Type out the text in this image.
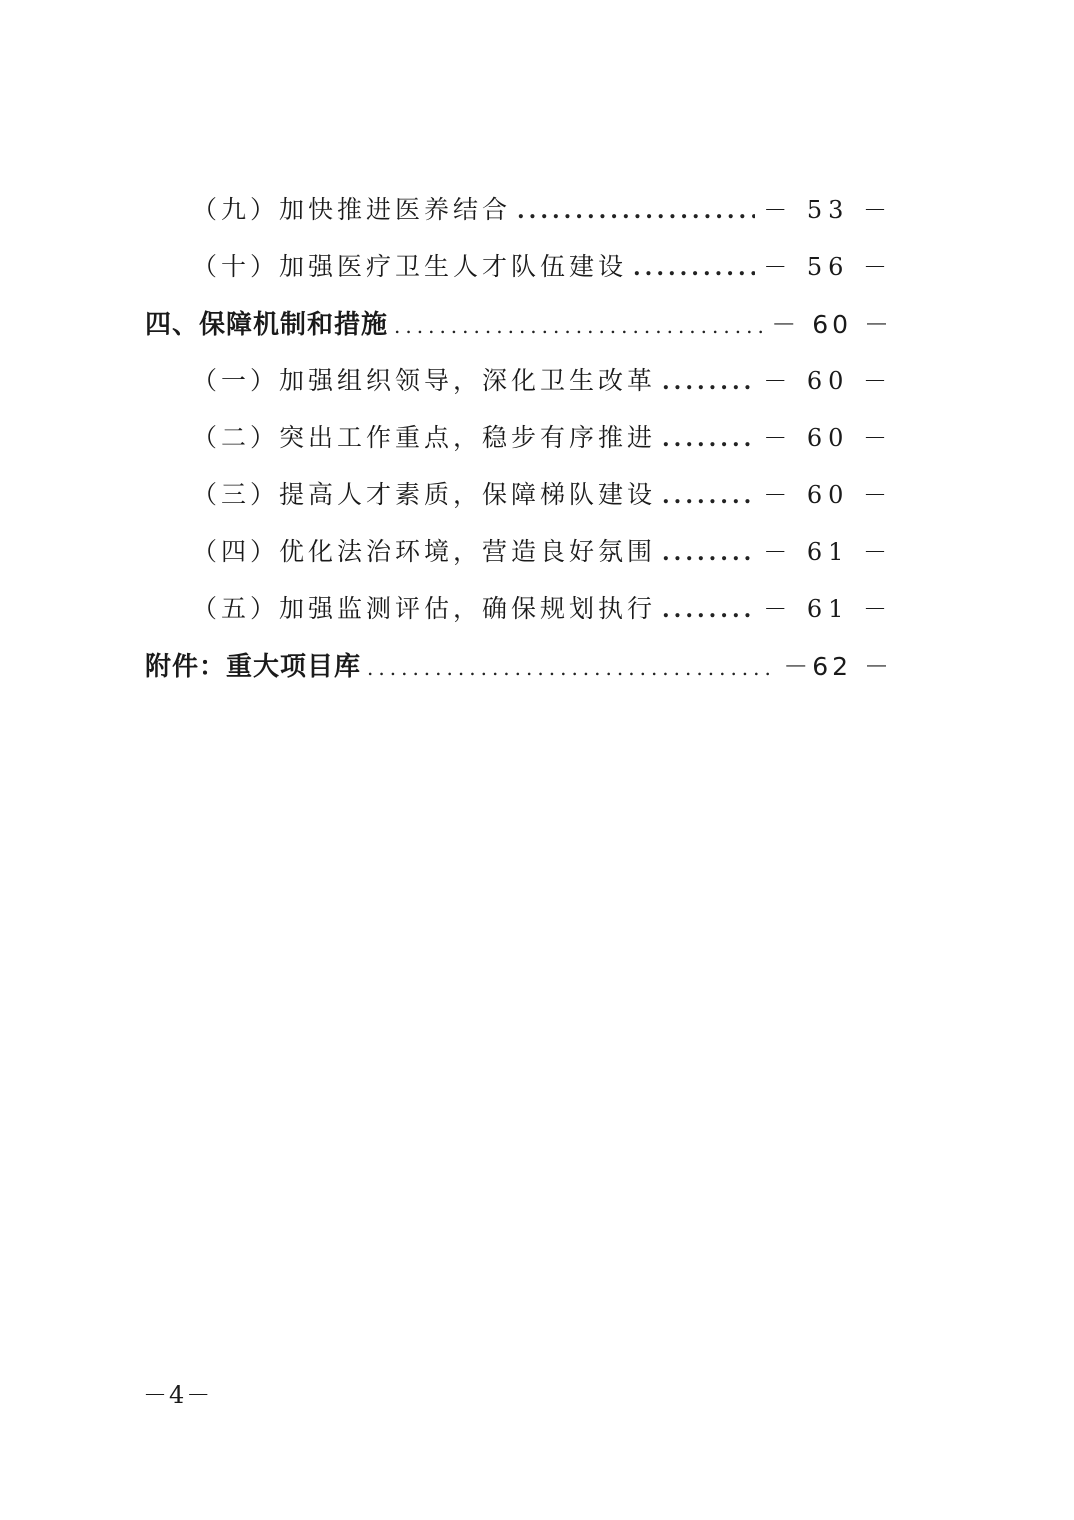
（九）加快推进医养结合 .....	－ 53 －
（十）加强医疗卫生人才队伍建设 .....	－ 56 －
四、保障机制和措施 .....	－ 60 －
（一）加强组织领导，深化卫生改革 .....	－ 60 －
（二）突出工作重点，稳步有序推进 .....	－ 60 －
（三）提高人才素质，保障梯队建设 .....	－ 60 －
（四）优化法治环境，营造良好氛围 .....	－ 61 －
（五）加强监测评估，确保规划执行 .....	－ 61 －
附件：重大项目库 .....	－62 －
－4－
